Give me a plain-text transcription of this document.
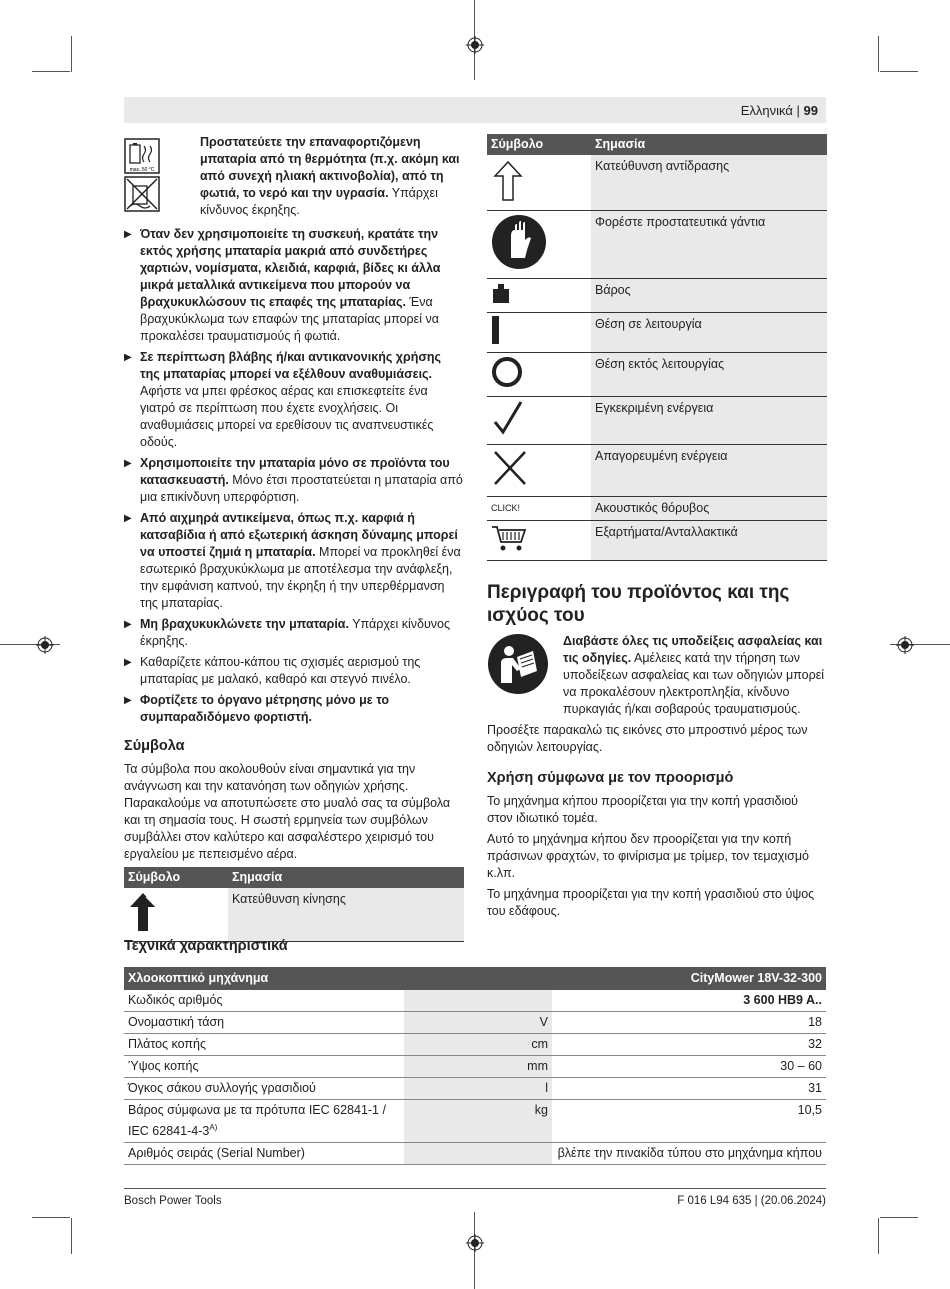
Ελληνικά | 99
max. 50 °C
Προστατεύετε την επαναφορτιζόμενη μπαταρία από τη θερμότητα (π.χ. ακόμη και από συνεχή ηλιακή ακτινοβολία), από τη φωτιά, το νερό και την υγρασία. Υπάρχει κίνδυνος έκρηξης.
▶ Όταν δεν χρησιμοποιείτε τη συσκευή, κρατάτε την εκτός χρήσης μπαταρία μακριά από συνδετήρες χαρτιών, νομίσματα, κλειδιά, καρφιά, βίδες κι άλλα μικρά μεταλλικά αντικείμενα που μπορούν να βραχυκυκλώσουν τις επαφές της μπαταρίας. Ένα βραχυκύκλωμα των επαφών της μπαταρίας μπορεί να προκαλέσει τραυματισμούς ή φωτιά.
▶ Σε περίπτωση βλάβης ή/και αντικανονικής χρήσης της μπαταρίας μπορεί να εξέλθουν αναθυμιάσεις. Αφήστε να μπει φρέσκος αέρας και επισκεφτείτε ένα γιατρό σε περίπτωση που έχετε ενοχλήσεις. Οι αναθυμιάσεις μπορεί να ερεθίσουν τις αναπνευστικές οδούς.
▶ Χρησιμοποιείτε την μπαταρία μόνο σε προϊόντα του κατασκευαστή. Μόνο έτσι προστατεύεται η μπαταρία από μια επικίνδυνη υπερφόρτιση.
▶ Από αιχμηρά αντικείμενα, όπως π.χ. καρφιά ή κατσαβίδια ή από εξωτερική άσκηση δύναμης μπορεί να υποστεί ζημιά η μπαταρία. Μπορεί να προκληθεί ένα εσωτερικό βραχυκύκλωμα με αποτέλεσμα την ανάφλεξη, την εμφάνιση καπνού, την έκρηξη ή την υπερθέρμανση της μπαταρίας.
▶ Μη βραχυκυκλώνετε την μπαταρία. Υπάρχει κίνδυνος έκρηξης.
▶ Καθαρίζετε κάπου-κάπου τις σχισμές αερισμού της μπαταρίας με μαλακό, καθαρό και στεγνό πινέλο.
▶ Φορτίζετε το όργανο μέτρησης μόνο με το συμπαραδιδόμενο φορτιστή.
Σύμβολα

Τα σύμβολα που ακολουθούν είναι σημαντικά για την ανάγνωση και την κατανόηση των οδηγιών χρήσης. Παρακαλούμε να αποτυπώσετε στο μυαλό σας τα σύμβολα και τη σημασία τους. Η σωστή ερμηνεία των συμβόλων συμβάλλει στον καλύτερο και ασφαλέστερο χειρισμό του εργαλείου με πεπεισμένο αέρα.

Σύμβολο	Σημασία
	Κατεύθυνση κίνησης
Σύμβολο	Σημασία
	Κατεύθυνση αντίδρασης
	Φορέστε προστατευτικά γάντια
	Βάρος
	Θέση σε λειτουργία
	Θέση εκτός λειτουργίας
	Εγκεκριμένη ενέργεια
	Απαγορευμένη ενέργεια
CLICK!	Ακουστικός θόρυβος
	Εξαρτήματα/Ανταλλακτικά
Περιγραφή του προϊόντος και της ισχύος του
Διαβάστε όλες τις υποδείξεις ασφαλείας και τις οδηγίες. Αμέλειες κατά την τήρηση των υποδείξεων ασφαλείας και των οδηγιών μπορεί να προκαλέσουν ηλεκτροπληξία, κίνδυνο πυρκαγιάς ή/και σοβαρούς τραυματισμούς.

Προσέξτε παρακαλώ τις εικόνες στο μπροστινό μέρος των οδηγιών λειτουργίας.

Χρήση σύμφωνα με τον προορισμό

Το μηχάνημα κήπου προορίζεται για την κοπή γρασιδιού στον ιδιωτικό τομέα.

Αυτό το μηχάνημα κήπου δεν προορίζεται για την κοπή πράσινων φραχτών, το φινίρισμα με τρίμερ, τον τεμαχισμό κ.λπ.

Το μηχάνημα προορίζεται για την κοπή γρασιδιού στο ύψος του εδάφους.

Τεχνικά χαρακτηριστικά
Χλοοκοπτικό μηχάνημα		CityMower 18V-32-300
Κωδικός αριθμός		3 600 HB9 A..
Ονομαστική τάση	V	18
Πλάτος κοπής	cm	32
Ύψος κοπής	mm	30 – 60
Όγκος σάκου συλλογής γρασιδιού	l	31
Βάρος σύμφωνα με τα πρότυπα IEC 62841-1 / IEC $62841-4-3^{A)}$	kg	10,5
Αριθμός σειράς (Serial Number)		βλέπε την πινακίδα τύπου στο μηχάνημα κήπου
Bosch Power Tools	F 016 L94 635 | (20.06.2024)
